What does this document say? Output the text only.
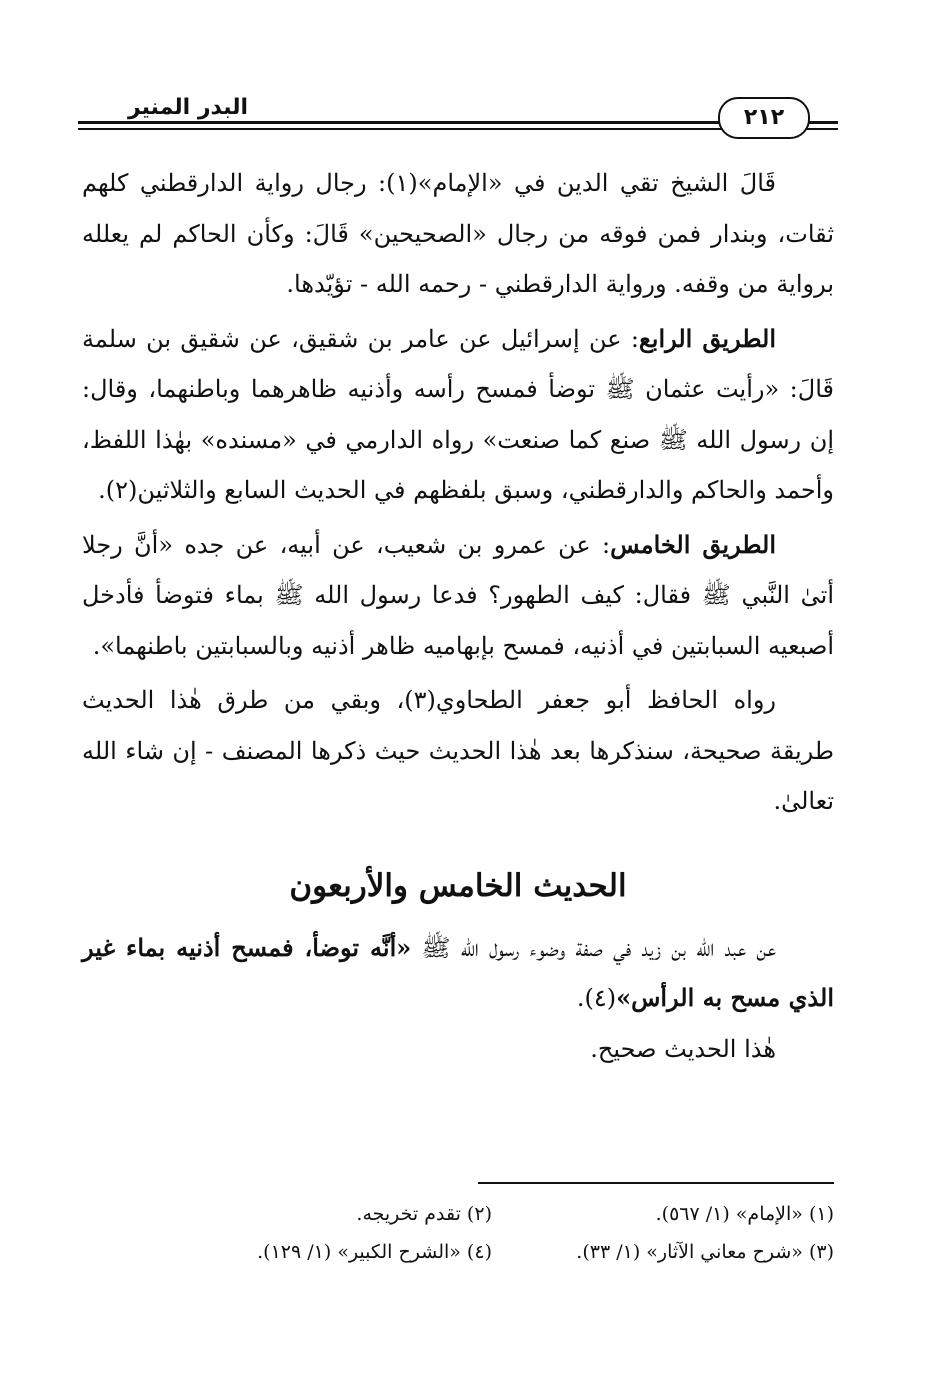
البدر المنير	٢١٢

قَالَ الشيخ تقي الدين في «الإمام»(١): رجال رواية الدارقطني كلهم ثقات، وبندار فمن فوقه من رجال «الصحيحين» قَالَ: وكأن الحاكم لم يعلله برواية من وقفه. ورواية الدارقطني - رحمه الله - تؤيّدها.

الطريق الرابع: عن إسرائيل عن عامر بن شقيق، عن شقيق بن سلمة قَالَ: «رأيت عثمان ﷺ توضأ فمسح رأسه وأذنيه ظاهرهما وباطنهما، وقال: إن رسول الله ﷺ صنع كما صنعت» رواه الدارمي في «مسنده» بهٰذا اللفظ، وأحمد والحاكم والدارقطني، وسبق بلفظهم في الحديث السابع والثلاثين(٢).

الطريق الخامس: عن عمرو بن شعيب، عن أبيه، عن جده «أنَّ رجلا أتىٰ النَّبي ﷺ فقال: كيف الطهور؟ فدعا رسول الله ﷺ بماء فتوضأ فأدخل أصبعيه السبابتين في أذنيه، فمسح بإبهاميه ظاهر أذنيه وبالسبابتين باطنهما».

رواه الحافظ أبو جعفر الطحاوي(٣)، وبقي من طرق هٰذا الحديث طريقة صحيحة، سنذكرها بعد هٰذا الحديث حيث ذكرها المصنف - إن شاء الله تعالىٰ.

الحديث الخامس والأربعون

عن عبد الله بن زيد في صفة وضوء رسول الله ﷺ «أنَّه توضأ، فمسح أذنيه بماء غير الذي مسح به الرأس»(٤).

هٰذا الحديث صحيح.

(١) «الإمام» (١/ ٥٦٧).
(٢) تقدم تخريجه.
(٣) «شرح معاني الآثار» (١/ ٣٣).
(٤) «الشرح الكبير» (١/ ١٢٩).
